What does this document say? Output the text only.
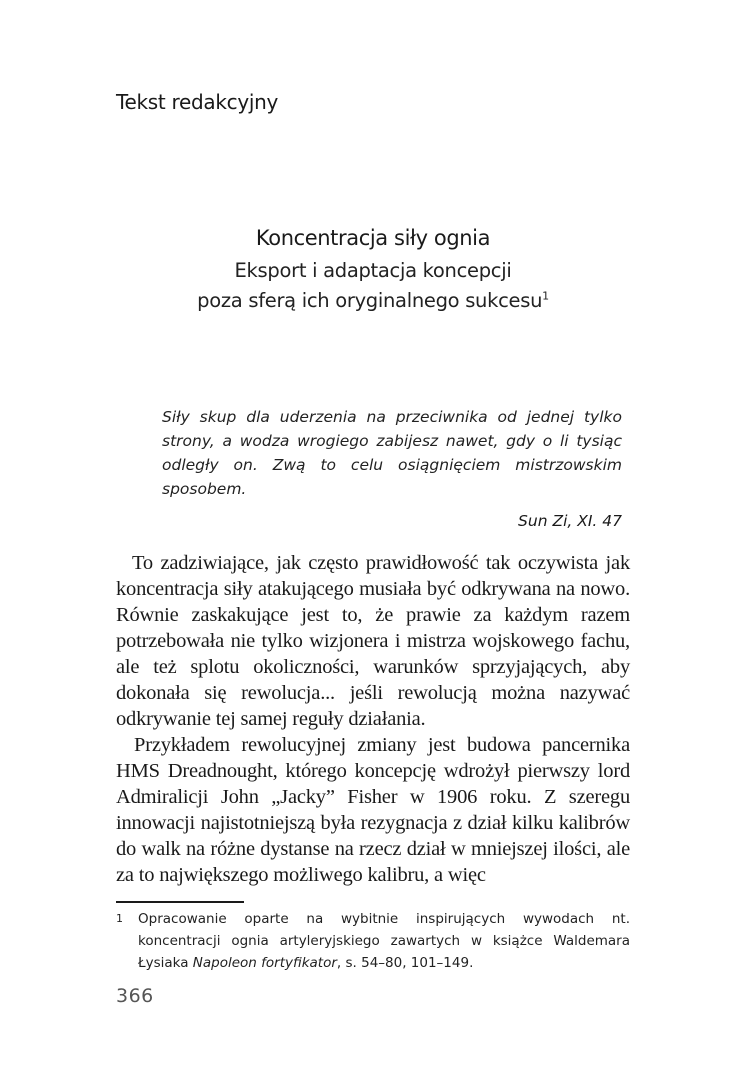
Tekst redakcyjny
Koncentracja siły ognia
Eksport i adaptacja koncepcji
poza sferą ich oryginalnego sukcesu$^1$
Siły skup dla uderzenia na przeciwnika od jednej tylko strony, a wodza wrogiego zabijesz nawet, gdy o li tysiąc odległy on. Zwą to celu osiągnięciem mistrzowskim sposobem.
Sun Zi, XI. 47

To zadziwiające, jak często prawidłowość tak oczywista jak koncentracja siły atakującego musiała być odkrywana na nowo. Równie zaskakujące jest to, że prawie za każdym razem potrzebowała nie tylko wizjonera i mistrza wojskowego fachu, ale też splotu okoliczności, warunków sprzyjających, aby dokonała się rewolucja... jeśli rewolucją można nazywać odkrywanie tej samej reguły działania.

Przykładem rewolucyjnej zmiany jest budowa pancernika HMS Dreadnought, którego koncepcję wdrożył pierwszy lord Admiralicji John „Jacky” Fisher w 1906 roku. Z szeregu innowacji najistotniejszą była rezygnacja z dział kilku kalibrów do walk na różne dystanse na rzecz dział w mniejszej ilości, ale za to największego możliwego kalibru, a więc

1 Opracowanie oparte na wybitnie inspirujących wywodach nt. koncentracji ognia artyleryjskiego zawartych w książce Waldemara Łysiaka Napoleon fortyfikator, s. 54–80, 101–149.
366
